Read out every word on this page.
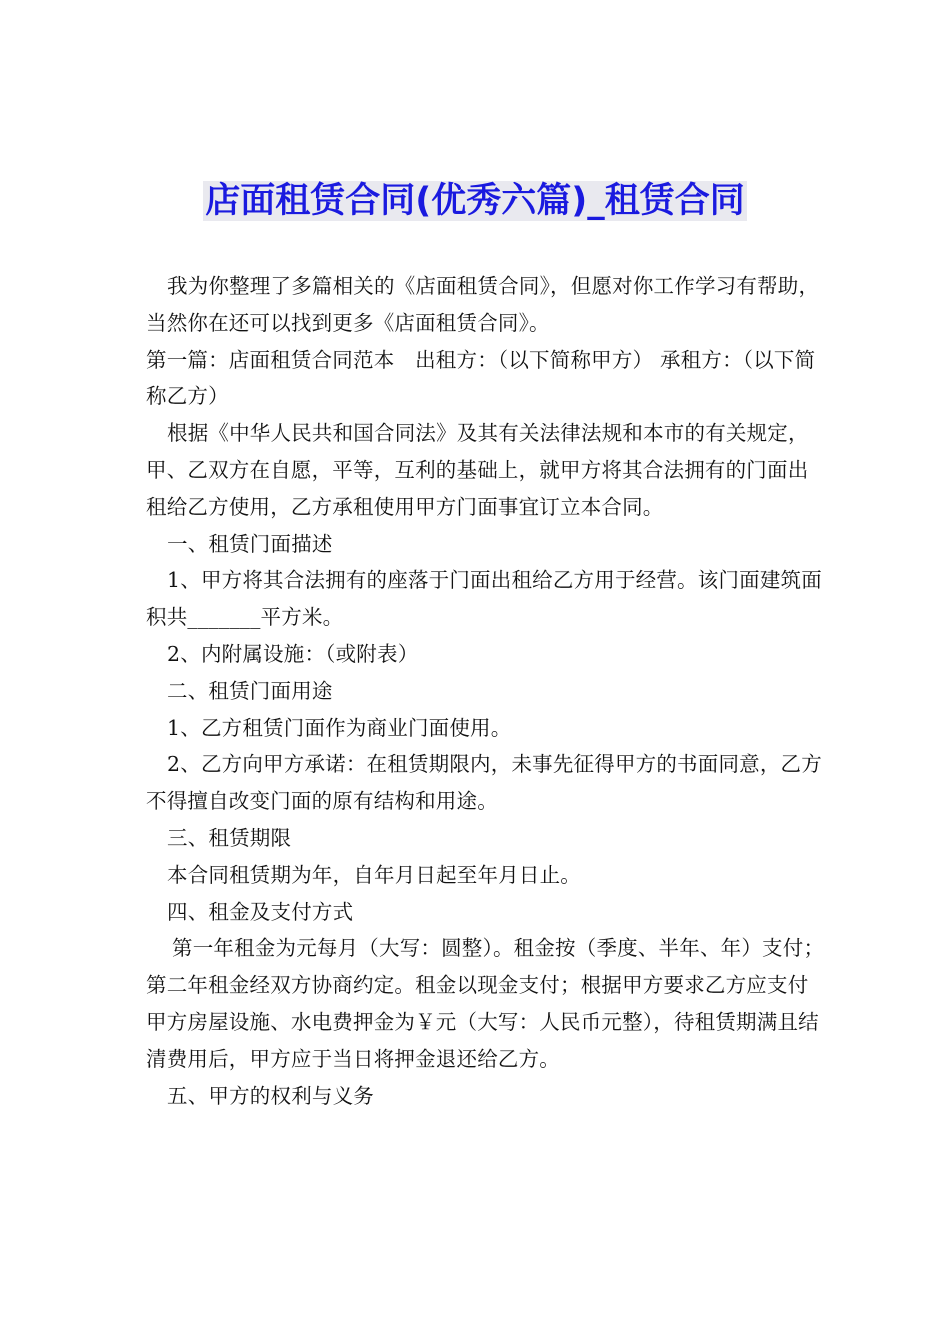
店面租赁合同(优秀六篇)_租赁合同

我为你整理了多篇相关的《店面租赁合同》，但愿对你工作学习有帮助，当然你在还可以找到更多《店面租赁合同》。

第一篇：店面租赁合同范本　出租方：（以下简称甲方） 承租方：（以下简称乙方）

根据《中华人民共和国合同法》及其有关法律法规和本市的有关规定，甲、乙双方在自愿，平等，互利的基础上，就甲方将其合法拥有的门面出租给乙方使用，乙方承租使用甲方门面事宜订立本合同。

一、租赁门面描述

1、甲方将其合法拥有的座落于门面出租给乙方用于经营。该门面建筑面积共_______平方米。

2、内附属设施：（或附表）

二、租赁门面用途

1、乙方租赁门面作为商业门面使用。

2、乙方向甲方承诺：在租赁期限内，未事先征得甲方的书面同意，乙方不得擅自改变门面的原有结构和用途。

三、租赁期限

本合同租赁期为年，自年月日起至年月日止。

四、租金及支付方式

第一年租金为元每月（大写：圆整）。租金按（季度、半年、年）支付；第二年租金经双方协商约定。租金以现金支付；根据甲方要求乙方应支付甲方房屋设施、水电费押金为￥元（大写：人民币元整），待租赁期满且结清费用后，甲方应于当日将押金退还给乙方。

五、甲方的权利与义务
